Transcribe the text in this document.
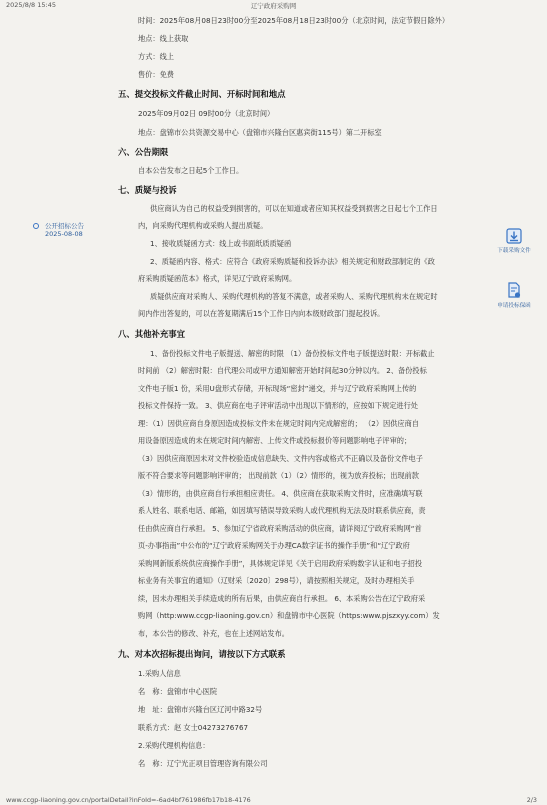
2025/8/8 15:45	辽宁政府采购网
时间：2025年08月08日23时00分至2025年08月18日23时00分（北京时间，法定节假日除外）
地点：线上获取
方式：线上
售价：免费
五、提交投标文件截止时间、开标时间和地点
2025年09月02日 09时00分（北京时间）
地点：盘锦市公共资源交易中心（盘锦市兴隆台区惠宾街115号）第二开标室
六、公告期限
自本公告发布之日起5个工作日。
七、质疑与投诉
供应商认为自己的权益受到损害的，可以在知道或者应知其权益受到损害之日起七个工作日
内，向采购代理机构或采购人提出质疑。
1、接收质疑函方式：线上或书面纸质质疑函
2、质疑函内容、格式：应符合《政府采购质疑和投诉办法》相关规定和财政部制定的《政
府采购质疑函范本》格式，详见辽宁政府采购网。
质疑供应商对采购人、采购代理机构的答复不满意，或者采购人、采购代理机构未在规定时
间内作出答复的，可以在答复期满后15个工作日内向本级财政部门提起投诉。
八、其他补充事宜
1、备份投标文件电子版提送、解密的时限 （1）备份投标文件电子版提送时限：开标截止
时间前 （2）解密时限：自代理公司或甲方通知解密开始时间起30分钟以内。 2、备份投标
文件电子版1 份，采用U盘形式存储，开标现场“密封”递交，并与辽宁政府采购网上传的
投标文件保持一致。 3、供应商在电子评审活动中出现以下情形的，应按如下规定进行处
理：（1）因供应商自身原因造成投标文件未在规定时间内完成解密的； （2）因供应商自
用设备原因造成的未在规定时间内解密、上传文件或投标报价等问题影响电子评审的；
（3）因供应商原因未对文件校验造成信息缺失、文件内容或格式不正确以及备份文件电子
版不符合要求等问题影响评审的； 出现前款（1）（2）情形的，视为放弃投标；出现前款
（3）情形的，由供应商自行承担相应责任。 4、供应商在获取采购文件时，应准确填写联
系人姓名、联系电话、邮箱，如因填写错误导致采购人或代理机构无法及时联系供应商，责
任由供应商自行承担。 5、参加辽宁省政府采购活动的供应商，请详阅辽宁政府采购网“首
页-办事指南”中公布的“辽宁政府采购网关于办理CA数字证书的操作手册”和“辽宁政府
采购网新版系统供应商操作手册”，具体规定详见《关于启用政府采购数字认证和电子招投
标业务有关事宜的通知》（辽财采〔2020〕298号），请按照相关规定，及时办理相关手
续，因未办理相关手续造成的所有后果，由供应商自行承担。 6、本采购公告在辽宁政府采
购网（http:www.ccgp-liaoning.gov.cn）和盘锦市中心医院（https:www.pjszxyy.com）发
布，本公告的修改、补充，也在上述网站发布。
九、对本次招标提出询问，请按以下方式联系
1.采购人信息
名　称：盘锦市中心医院
地　址：盘锦市兴隆台区辽河中路32号
联系方式：赵 女士04273276767
2.采购代理机构信息：
名　称：辽宁光正项目管理咨询有限公司
公开招标公告
2025-08-08
下载采购文件
申请投标保函
www.ccgp-liaoning.gov.cn/portalDetail?inFoId=-6ad4bf761986fb17b18-4176	2/3
